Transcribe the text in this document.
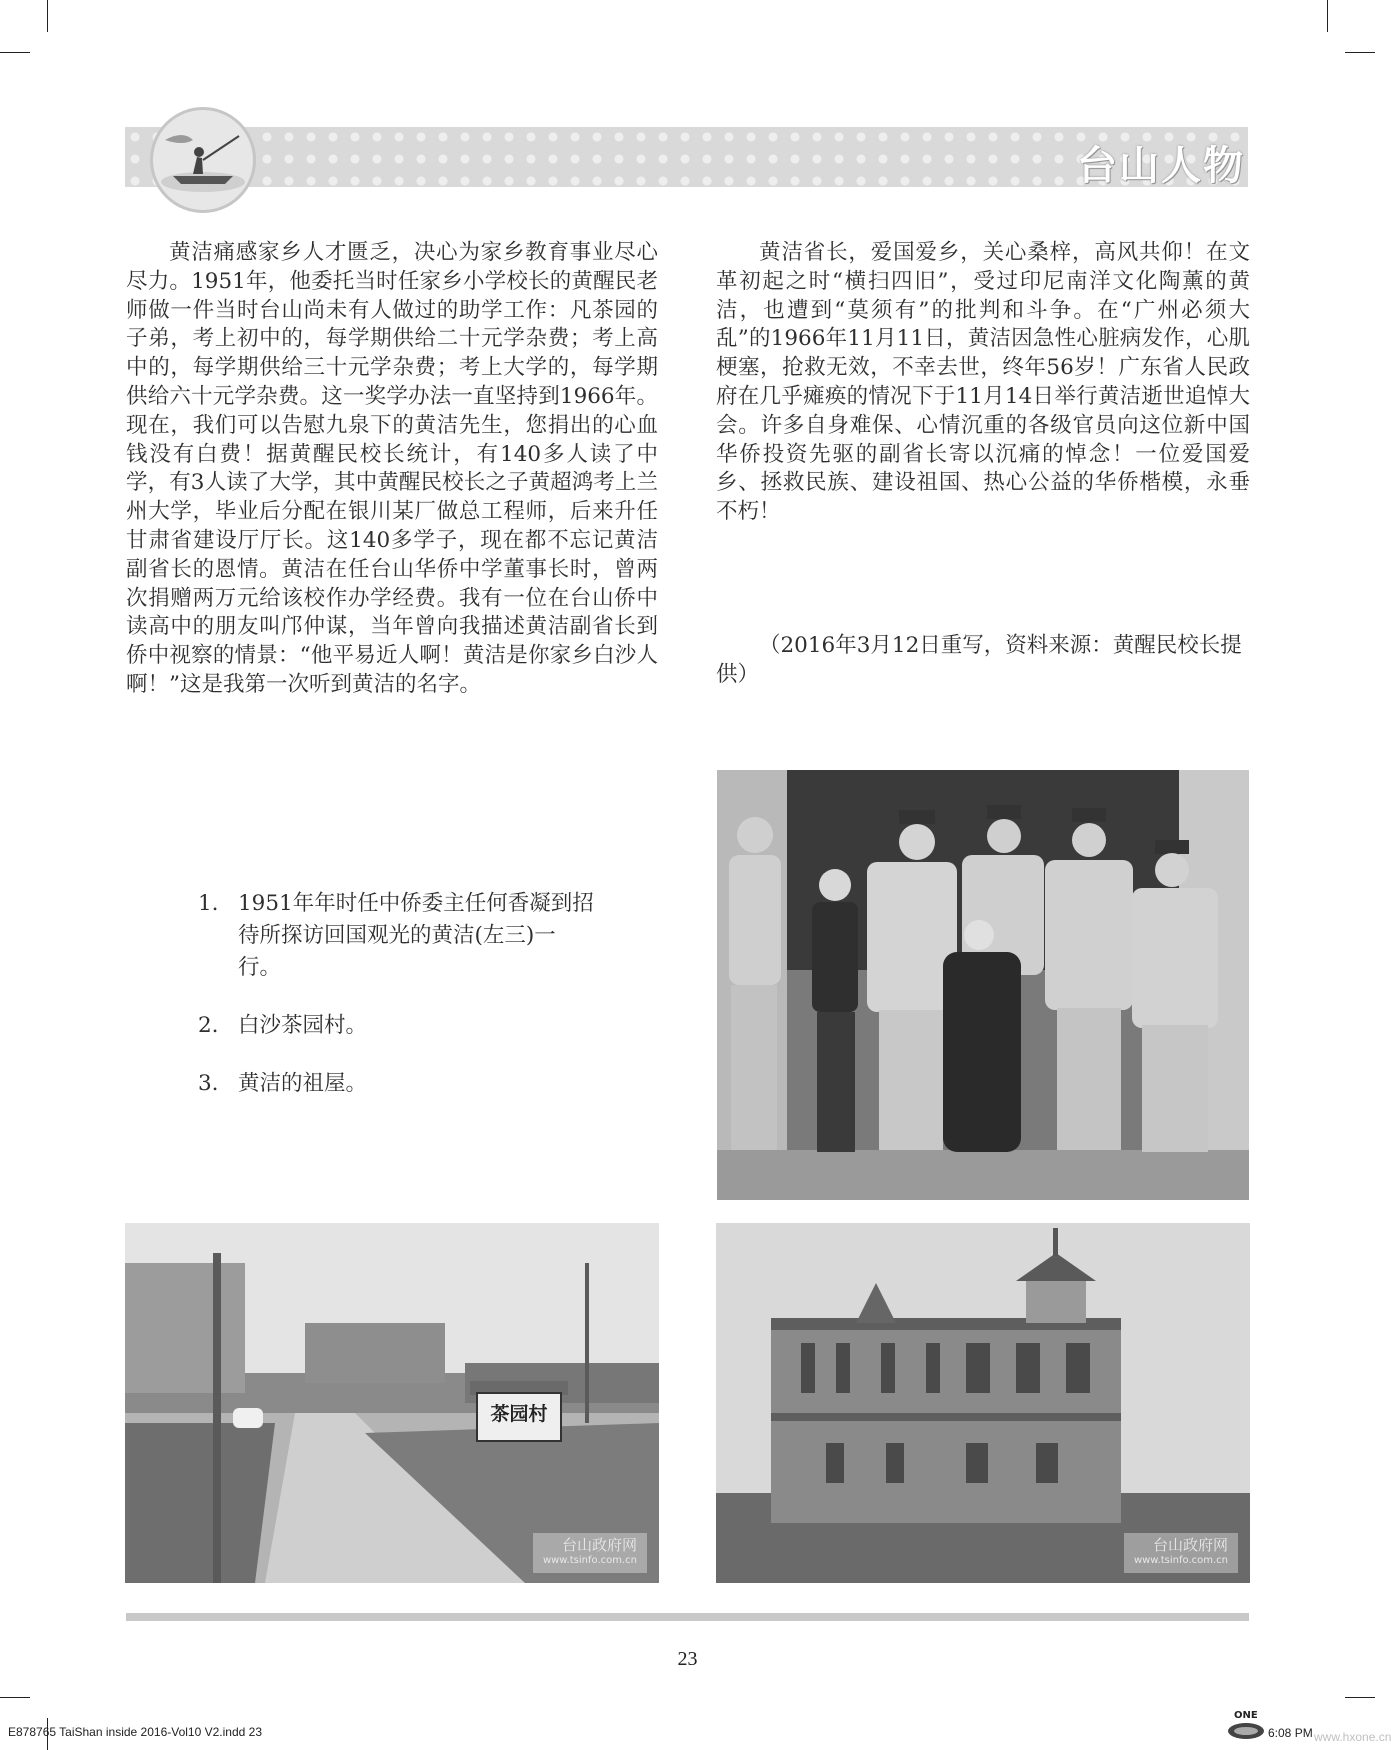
台山人物

黄洁痛感家乡人才匮乏，决心为家乡教育事业尽心尽力。1951年，他委托当时任家乡小学校长的黄醒民老师做一件当时台山尚未有人做过的助学工作：凡茶园的子弟，考上初中的，每学期供给二十元学杂费；考上高中的，每学期供给三十元学杂费；考上大学的，每学期供给六十元学杂费。这一奖学办法一直坚持到1966年。现在，我们可以告慰九泉下的黄洁先生，您捐出的心血钱没有白费！据黄醒民校长统计，有140多人读了中学，有3人读了大学，其中黄醒民校长之子黄超鸿考上兰州大学，毕业后分配在银川某厂做总工程师，后来升任甘肃省建设厅厅长。这140多学子，现在都不忘记黄洁副省长的恩情。黄洁在任台山华侨中学董事长时，曾两次捐赠两万元给该校作办学经费。我有一位在台山侨中读高中的朋友叫邝仲谋，当年曾向我描述黄洁副省长到侨中视察的情景：“他平易近人啊！黄洁是你家乡白沙人啊！”这是我第一次听到黄洁的名字。

黄洁省长，爱国爱乡，关心桑梓，高风共仰！在文革初起之时“横扫四旧”，受过印尼南洋文化陶薰的黄洁，也遭到“莫须有”的批判和斗争。在“广州必须大乱”的1966年11月11日，黄洁因急性心脏病发作，心肌梗塞，抢救无效，不幸去世，终年56岁！广东省人民政府在几乎瘫痪的情况下于11月14日举行黄洁逝世追悼大会。许多自身难保、心情沉重的各级官员向这位新中国华侨投资先驱的副省长寄以沉痛的悼念！一位爱国爱乡、拯救民族、建设祖国、热心公益的华侨楷模，永垂不朽！

（2016年3月12日重写，资料来源：黄醒民校长提供）

1. 1951年年时任中侨委主任何香凝到招待所探访回国观光的黄洁(左三)一行。
2. 白沙茶园村。
3. 黄洁的祖屋。
茶园村
台山政府网
www.tsinfo.com.cn
台山政府网
www.tsinfo.com.cn

23

E878765 TaiShan inside 2016-Vol10 V2.indd 23

ONE

6:08 PM www.hxone.cn
